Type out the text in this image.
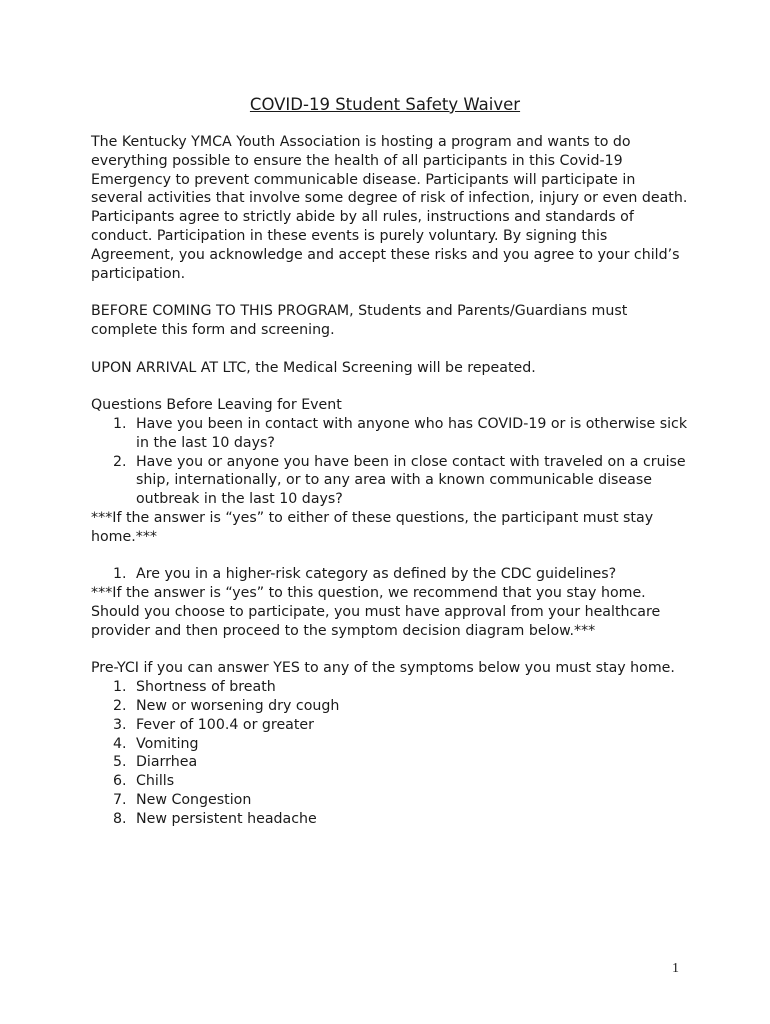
COVID-19 Student Safety Waiver

The Kentucky YMCA Youth Association is hosting a program and wants to do everything possible to ensure the health of all participants in this Covid-19 Emergency to prevent communicable disease. Participants will participate in several activities that involve some degree of risk of infection, injury or even death. Participants agree to strictly abide by all rules, instructions and standards of conduct. Participation in these events is purely voluntary. By signing this Agreement, you acknowledge and accept these risks and you agree to your child’s participation.

BEFORE COMING TO THIS PROGRAM, Students and Parents/Guardians must complete this form and screening.

UPON ARRIVAL AT LTC, the Medical Screening will be repeated.

Questions Before Leaving for Event

1. Have you been in contact with anyone who has COVID-19 or is otherwise sick in the last 10 days?
2. Have you or anyone you have been in close contact with traveled on a cruise ship, internationally, or to any area with a known communicable disease outbreak in the last 10 days?

***If the answer is “yes” to either of these questions, the participant must stay home.***

1. Are you in a higher-risk category as defined by the CDC guidelines?

***If the answer is “yes” to this question, we recommend that you stay home. Should you choose to participate, you must have approval from your healthcare provider and then proceed to the symptom decision diagram below.***

Pre-YCI if you can answer YES to any of the symptoms below you must stay home.

1. Shortness of breath
2. New or worsening dry cough
3. Fever of 100.4 or greater
4. Vomiting
5. Diarrhea
6. Chills
7. New Congestion
8. New persistent headache
1
